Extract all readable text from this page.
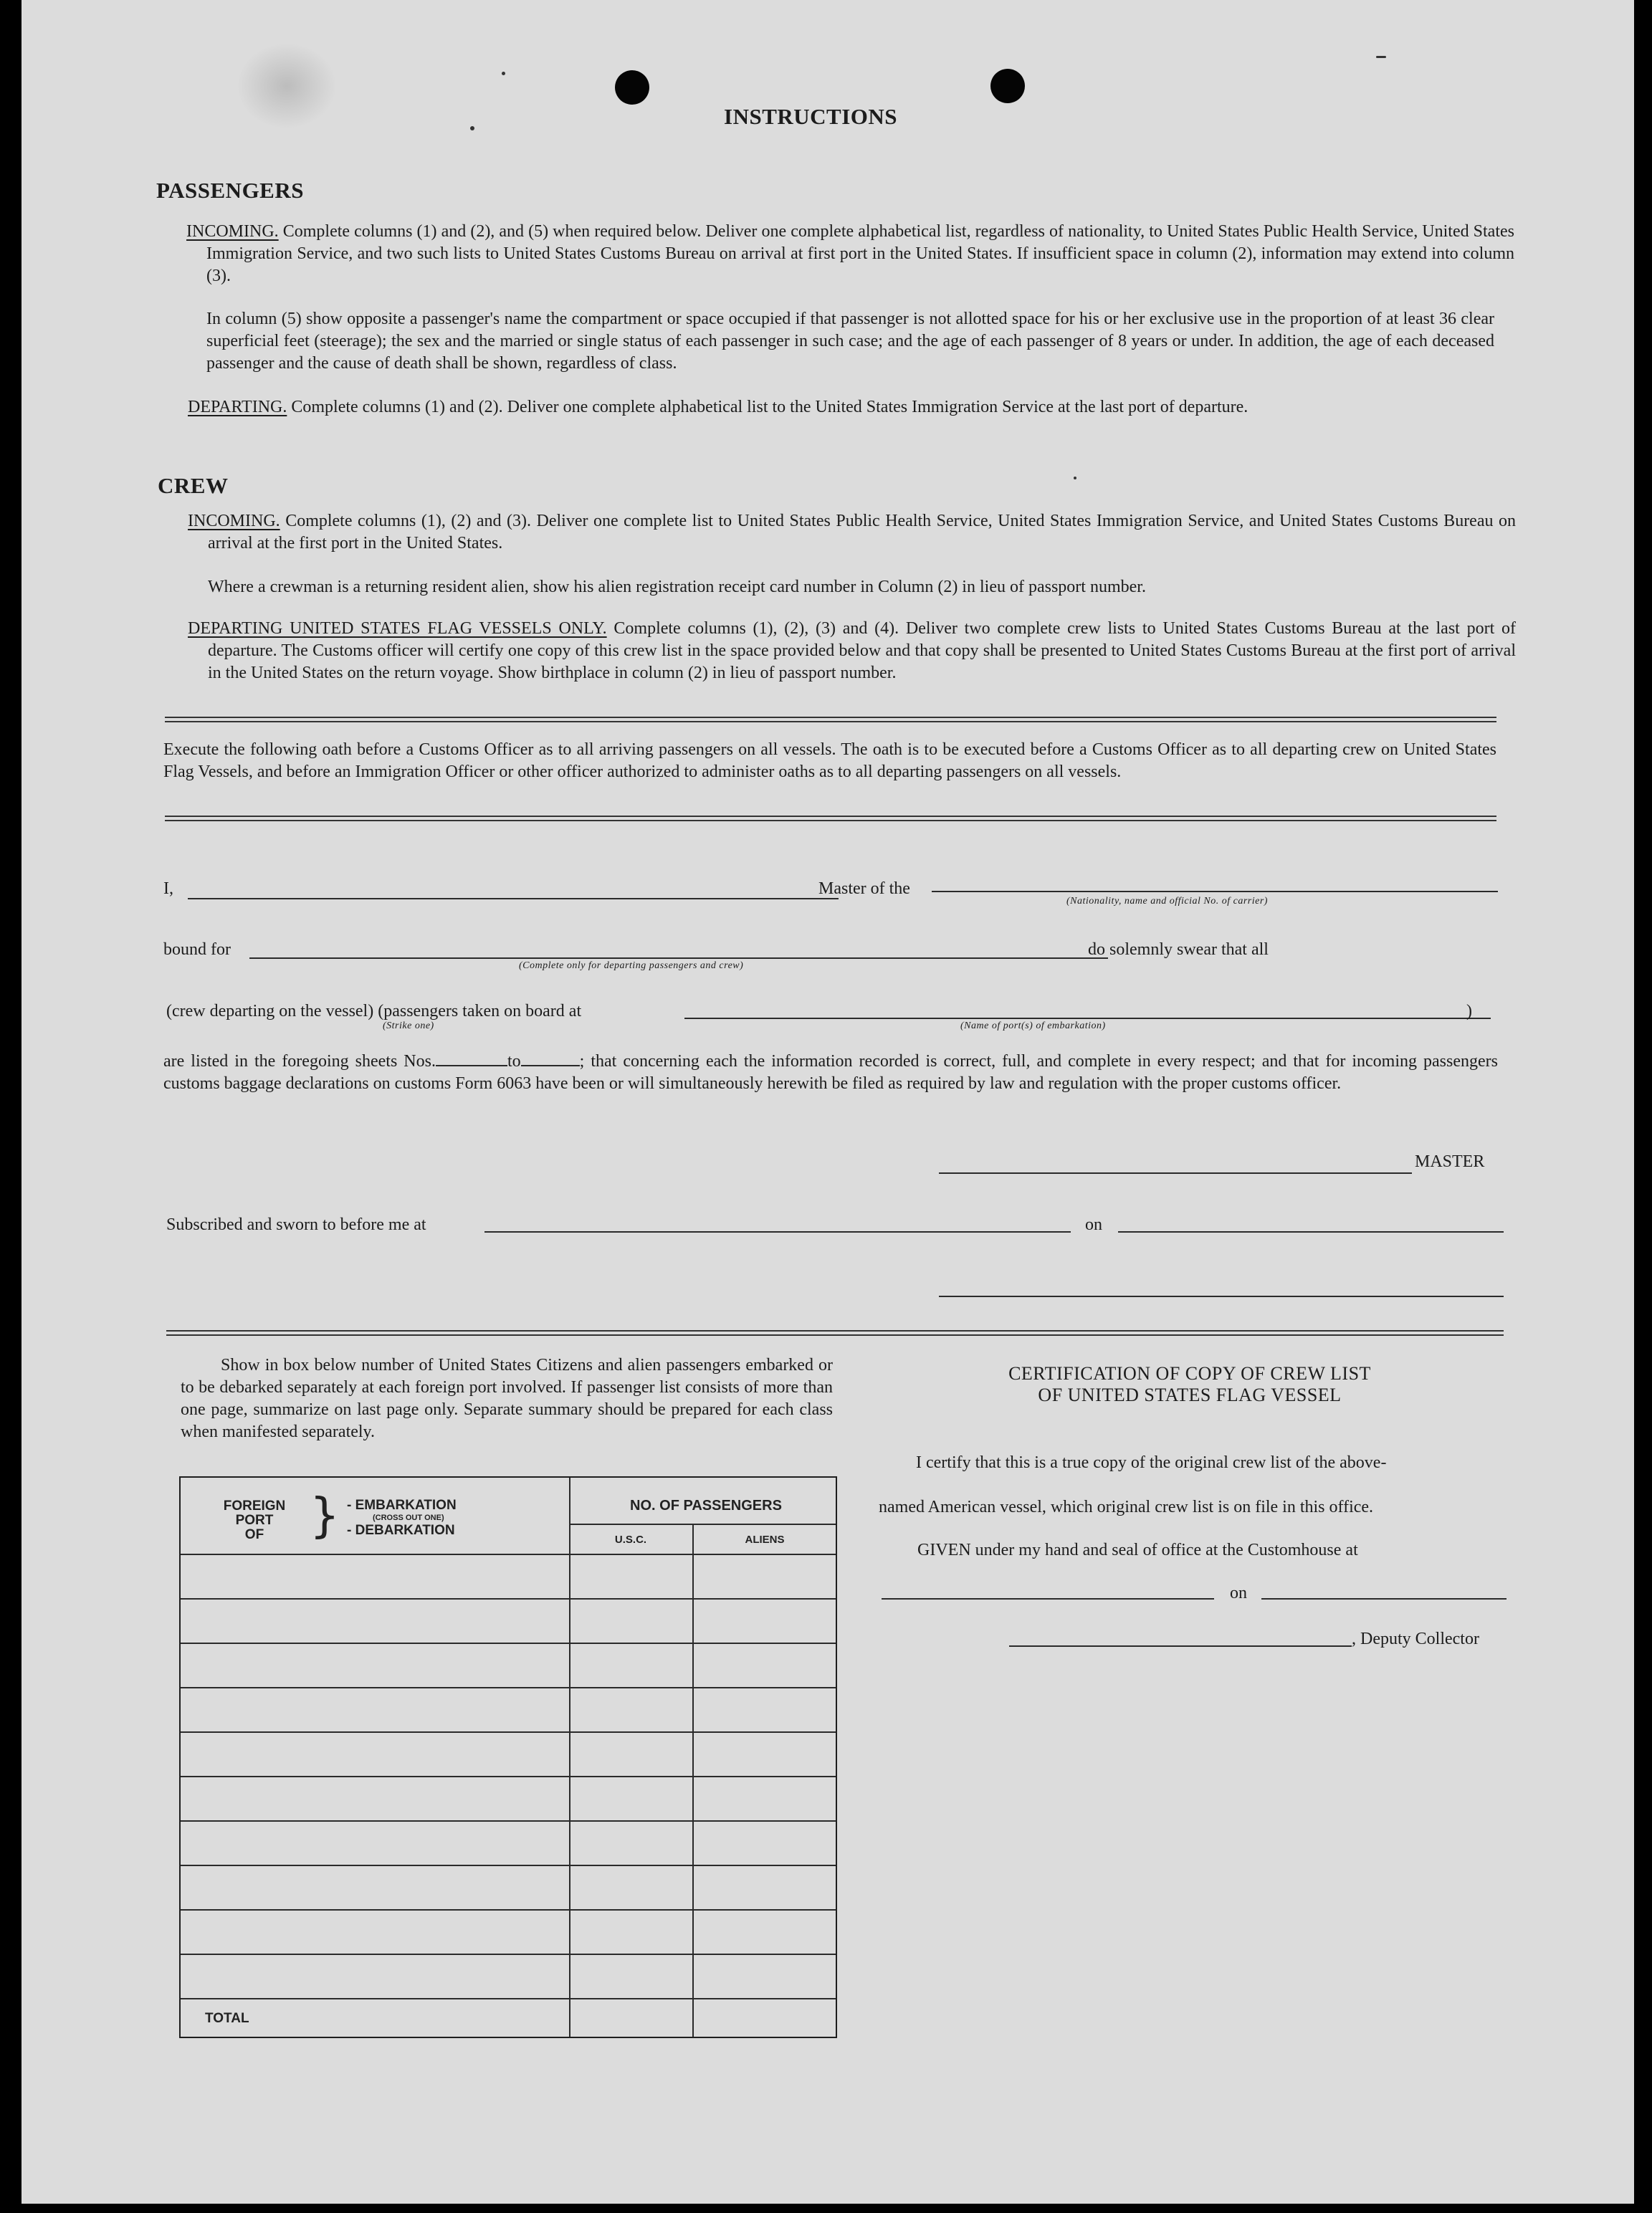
INSTRUCTIONS
PASSENGERS
INCOMING. Complete columns (1) and (2), and (5) when required below. Deliver one complete alphabetical list, regardless of nationality, to United States Public Health Service, United States Immigration Service, and two such lists to United States Customs Bureau on arrival at first port in the United States. If insufficient space in column (2), information may extend into column (3).
In column (5) show opposite a passenger's name the compartment or space occupied if that passenger is not allotted space for his or her exclusive use in the proportion of at least 36 clear superficial feet (steerage); the sex and the married or single status of each passenger in such case; and the age of each passenger of 8 years or under. In addition, the age of each deceased passenger and the cause of death shall be shown, regardless of class.
DEPARTING. Complete columns (1) and (2). Deliver one complete alphabetical list to the United States Immigration Service at the last port of departure.
CREW
INCOMING. Complete columns (1), (2) and (3). Deliver one complete list to United States Public Health Service, United States Immigration Service, and United States Customs Bureau on arrival at the first port in the United States.
Where a crewman is a returning resident alien, show his alien registration receipt card number in Column (2) in lieu of passport number.
DEPARTING UNITED STATES FLAG VESSELS ONLY. Complete columns (1), (2), (3) and (4). Deliver two complete crew lists to United States Customs Bureau at the last port of departure. The Customs officer will certify one copy of this crew list in the space provided below and that copy shall be presented to United States Customs Bureau at the first port of arrival in the United States on the return voyage. Show birthplace in column (2) in lieu of passport number.
Execute the following oath before a Customs Officer as to all arriving passengers on all vessels. The oath is to be executed before a Customs Officer as to all departing crew on United States Flag Vessels, and before an Immigration Officer or other officer authorized to administer oaths as to all departing passengers on all vessels.
I,	Master of the
(Nationality, name and official No. of carrier)
bound for	do solemnly swear that all
(Complete only for departing passengers and crew)
(crew departing on the vessel) (passengers taken on board at	)
(Strike one)	(Name of port(s) of embarkation)
are listed in the foregoing sheets Nos.	to	; that concerning each the information recorded is correct, full, and complete in every respect; and that for incoming passengers customs baggage declarations on customs Form 6063 have been or will simultaneously herewith be filed as required by law and regulation with the proper customs officer.
MASTER
Subscribed and sworn to before me at	on
Show in box below number of United States Citizens and alien passengers embarked or to be debarked separately at each foreign port involved. If passenger list consists of more than one page, summarize on last page only. Separate summary should be prepared for each class when manifested separately.
FOREIGN
PORT
OF } - EMBARKATION
(CROSS OUT ONE)
- DEBARKATION
NO. OF PASSENGERS
U.S.C.	ALIENS
TOTAL
CERTIFICATION OF COPY OF CREW LIST
OF UNITED STATES FLAG VESSEL
I certify that this is a true copy of the original crew list of the above-
named American vessel, which original crew list is on file in this office.
GIVEN under my hand and seal of office at the Customhouse at
on
, Deputy Collector
